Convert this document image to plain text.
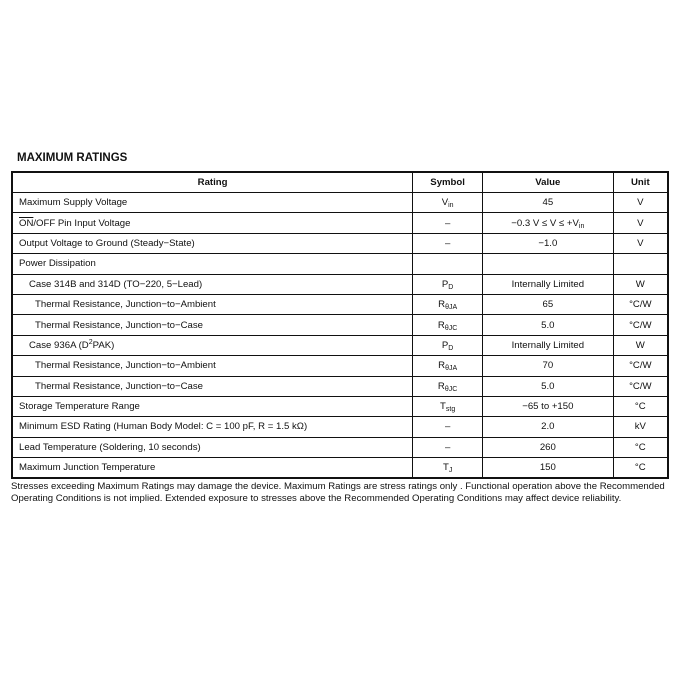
MAXIMUM RATINGS
Rating	Symbol	Value	Unit
Maximum Supply Voltage	$V_{in}$	45	V
$\overline{ON}$/OFF Pin Input Voltage	–	−0.3 $V \le V \le +V_{in}$	V
Output Voltage to Ground (Steady−State)	–	−1.0	V
Power Dissipation			
Case 314B and 314D (TO−220, 5−Lead)	$P_D$	Internally Limited	W
Thermal Resistance, Junction−to−Ambient	$R_{\theta JA}$	65	°C/W
Thermal Resistance, Junction−to−Case	$R_{\theta JC}$	5.0	°C/W
Case 936A $(D^2PAK)$	$P_D$	Internally Limited	W
Thermal Resistance, Junction−to−Ambient	$R_{\theta JA}$	70	°C/W
Thermal Resistance, Junction−to−Case	$R_{\theta JC}$	5.0	°C/W
Storage Temperature Range	$T_{stg}$	−65 to +150	°C
Minimum ESD Rating (Human Body Model: C = 100 pF, R = 1.5 kΩ)	–	2.0	kV
Lead Temperature (Soldering, 10 seconds)	–	260	°C
Maximum Junction Temperature	$T_J$	150	°C
Stresses exceeding Maximum Ratings may damage the device. Maximum Ratings are stress ratings only . Functional operation above the Recommended Operating Conditions is not implied. Extended exposure to stresses above the Recommended Operating Conditions may affect device reliability.
